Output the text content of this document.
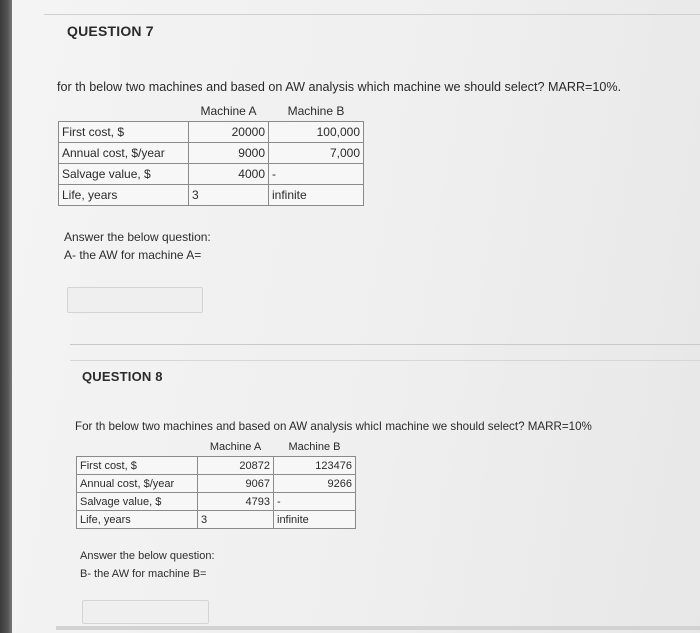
QUESTION 7
for th below two machines and based on AW analysis which machine we should select? MARR=10%.
	Machine A	Machine B
First cost, $	20000	100,000
Annual cost, $/year	9000	7,000
Salvage value, $	4000	-
Life, years	3	infinite
Answer the below question:
A- the AW for machine A=
QUESTION 8
For th below two machines and based on AW analysis whicI machine we should select? MARR=10%
	Machine A	Machine B
First cost, $	20872	123476
Annual cost, $/year	9067	9266
Salvage value, $	4793	-
Life, years	3	infinite
Answer the below question:
B- the AW for machine B=
